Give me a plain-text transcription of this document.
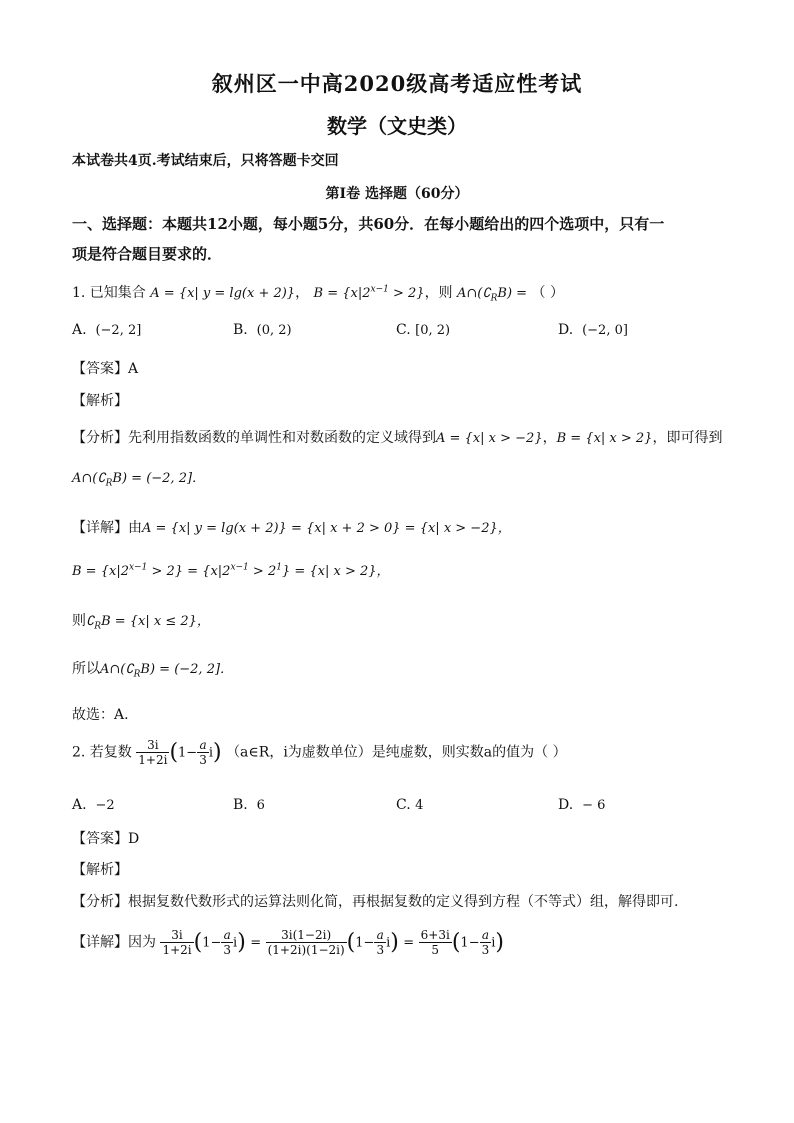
叙州区一中高2020级高考适应性考试
数学（文史类）
本试卷共4页.考试结束后，只将答题卡交回
第I卷 选择题（60分）
一、选择题：本题共12小题，每小题5分，共60分．在每小题给出的四个选项中，只有一
项是符合题目要求的．
1. 已知集合 A = {x| y = lg(x + 2)}， $B = \{x|2^{x-1} > 2\}$，则 $A\cap(∁_RB)$ = （ ）
A. (−2, 2]	B. (0, 2)	C. [0, 2)	D. (−2, 0]
【答案】A
【解析】
【分析】先利用指数函数的单调性和对数函数的定义域得到A = {x| x > −2}，B = {x| x > 2}，即可得到
$A\cap(∁_RB) = (-2$, 2]．
【详解】由A = {x| y = lg(x + 2)} = {x| x + 2 > 0} = {x| x > −2}，
$B = \{x|2^{x-1} > 2\} = \{x|2^{x-1} > 2^1\} = \{x|$ x > 2}，
则$∁_RB = \{x|$ x ≤ 2}，
所以$A\cap(∁_RB) = (-2$, 2]．
故选：A.
2. 若复数 $\frac{3i}{1+2i} (1- \frac{a}{3} i)$ （a∈R，i为虚数单位）是纯虚数，则实数a的值为（ ）
A. −2	B. 6	C. 4	D. − 6
【答案】D
【解析】
【分析】根据复数代数形式的运算法则化简，再根据复数的定义得到方程（不等式）组，解得即可.
【详解】因为 $\frac{3i}{1+2i} (1- \frac{a}{3} i) = \frac{3i(1-2i)}{(1+2i)(1-2i)} (1- \frac{a}{3} i) = \frac{6+3i}{5} (1- \frac{a}{3} i)$
